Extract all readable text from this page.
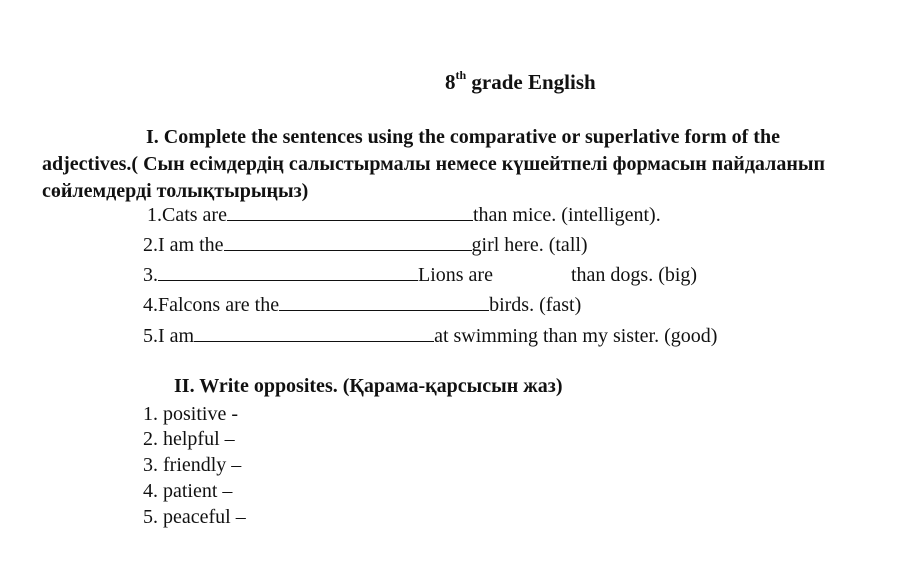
8th grade English
I. Complete the sentences using the comparative or superlative form of the adjectives.( Сын есімдердің салыстырмалы немесе күшейтпелі формасын пайдаланып сөйлемдерді толықтырыңыз)
1.Cats are	than mice. (intelligent).
2.I am the	girl here. (tall)
3.	Lions are	than dogs. (big)
4.Falcons are the	birds. (fast)
5.I am	at swimming than my sister. (good)
II. Write opposites. (Қарама-қарсысын жаз)
1. positive -
2. helpful –
3. friendly –
4. patient –
5. peaceful –
